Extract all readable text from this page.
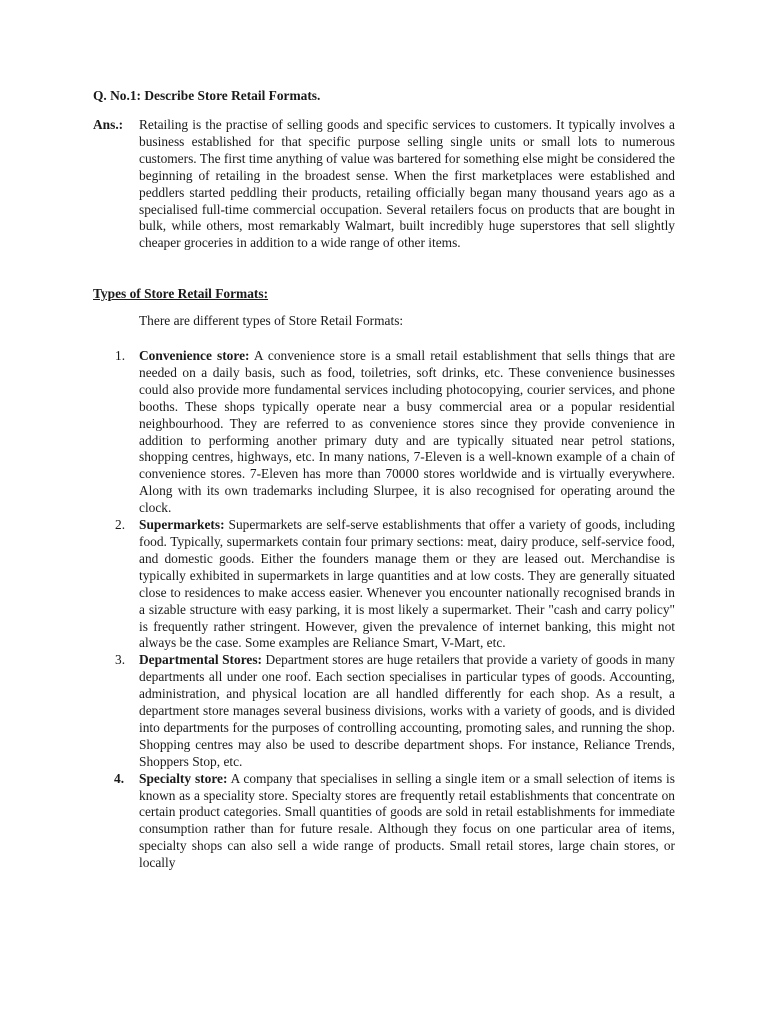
Q. No.1: Describe Store Retail Formats.

Ans.: Retailing is the practise of selling goods and specific services to customers. It typically involves a business established for that specific purpose selling single units or small lots to numerous customers. The first time anything of value was bartered for something else might be considered the beginning of retailing in the broadest sense. When the first marketplaces were established and peddlers started peddling their products, retailing officially began many thousand years ago as a specialised full-time commercial occupation. Several retailers focus on products that are bought in bulk, while others, most remarkably Walmart, built incredibly huge superstores that sell slightly cheaper groceries in addition to a wide range of other items.

Types of Store Retail Formats:

There are different types of Store Retail Formats:

1. Convenience store: A convenience store is a small retail establishment that sells things that are needed on a daily basis, such as food, toiletries, soft drinks, etc. These convenience businesses could also provide more fundamental services including photocopying, courier services, and phone booths. These shops typically operate near a busy commercial area or a popular residential neighbourhood. They are referred to as convenience stores since they provide convenience in addition to performing another primary duty and are typically situated near petrol stations, shopping centres, highways, etc. In many nations, 7-Eleven is a well-known example of a chain of convenience stores. 7-Eleven has more than 70000 stores worldwide and is virtually everywhere. Along with its own trademarks including Slurpee, it is also recognised for operating around the clock.
2. Supermarkets: Supermarkets are self-serve establishments that offer a variety of goods, including food. Typically, supermarkets contain four primary sections: meat, dairy produce, self-service food, and domestic goods. Either the founders manage them or they are leased out. Merchandise is typically exhibited in supermarkets in large quantities and at low costs. They are generally situated close to residences to make access easier. Whenever you encounter nationally recognised brands in a sizable structure with easy parking, it is most likely a supermarket. Their "cash and carry policy" is frequently rather stringent. However, given the prevalence of internet banking, this might not always be the case. Some examples are Reliance Smart, V-Mart, etc.
3. Departmental Stores: Department stores are huge retailers that provide a variety of goods in many departments all under one roof. Each section specialises in particular types of goods. Accounting, administration, and physical location are all handled differently for each shop. As a result, a department store manages several business divisions, works with a variety of goods, and is divided into departments for the purposes of controlling accounting, promoting sales, and running the shop. Shopping centres may also be used to describe department shops. For instance, Reliance Trends, Shoppers Stop, etc.
4. Specialty store: A company that specialises in selling a single item or a small selection of items is known as a speciality store. Specialty stores are frequently retail establishments that concentrate on certain product categories. Small quantities of goods are sold in retail establishments for immediate consumption rather than for future resale. Although they focus on one particular area of items, specialty shops can also sell a wide range of products. Small retail stores, large chain stores, or locally
